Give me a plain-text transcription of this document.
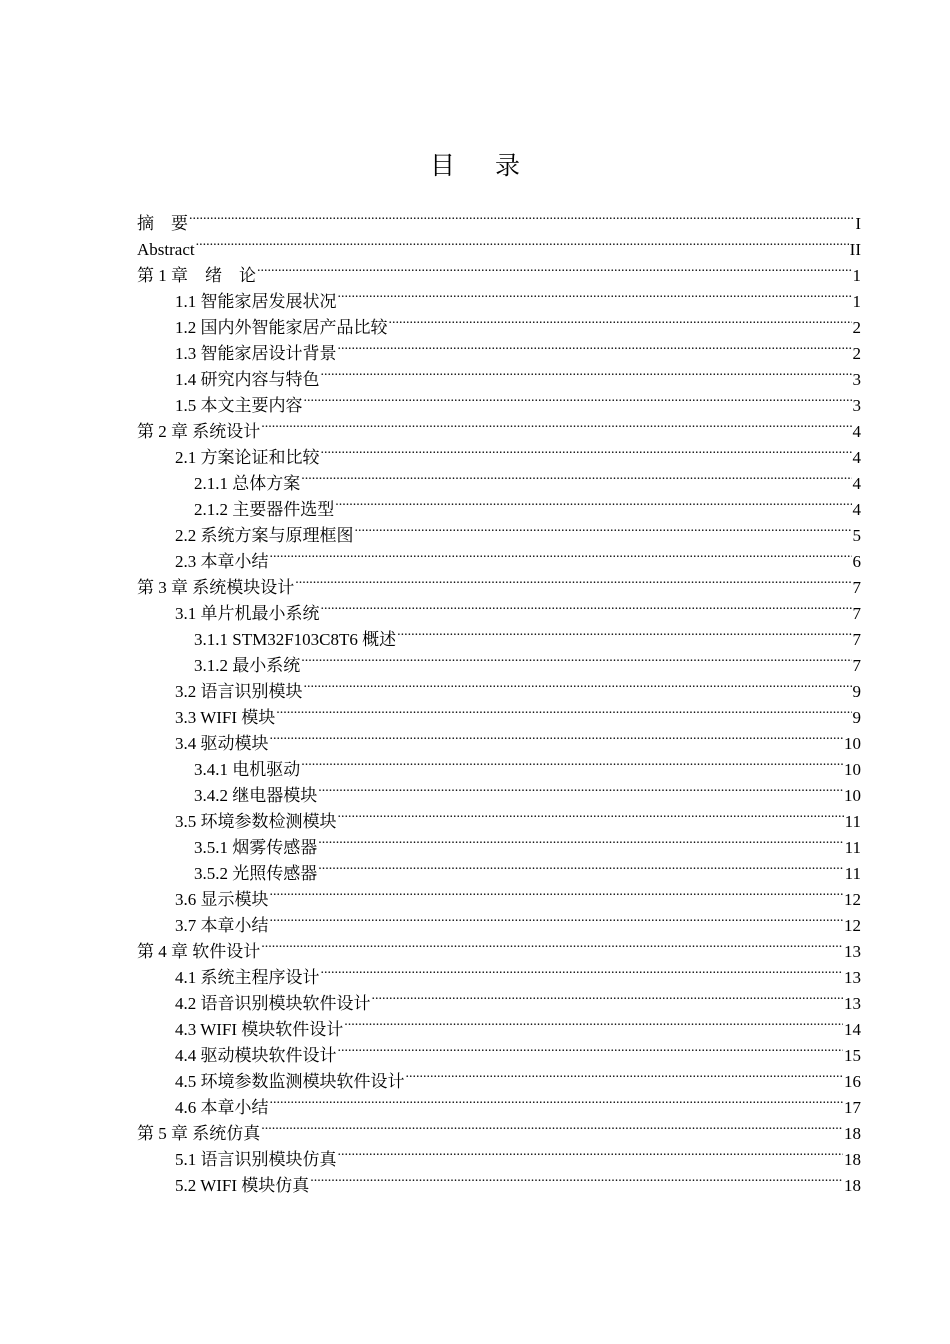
目录
摘　要 .....	I
Abstract .....	II
第 1 章　绪　论 .....	1
1.1 智能家居发展状况 .....	1
1.2 国内外智能家居产品比较 .....	2
1.3 智能家居设计背景 .....	2
1.4 研究内容与特色 .....	3
1.5 本文主要内容 .....	3
第 2 章 系统设计 .....	4
2.1 方案论证和比较 .....	4
2.1.1 总体方案 .....	4
2.1.2 主要器件选型 .....	4
2.2 系统方案与原理框图 .....	5
2.3 本章小结 .....	6
第 3 章 系统模块设计 .....	7
3.1 单片机最小系统 .....	7
3.1.1 STM32F103C8T6 概述 .....	7
3.1.2 最小系统 .....	7
3.2 语言识别模块 .....	9
3.3 WIFI 模块 .....	9
3.4 驱动模块 .....	10
3.4.1 电机驱动 .....	10
3.4.2 继电器模块 .....	10
3.5 环境参数检测模块 .....	11
3.5.1 烟雾传感器 .....	11
3.5.2 光照传感器 .....	11
3.6 显示模块 .....	12
3.7 本章小结 .....	12
第 4 章 软件设计 .....	13
4.1 系统主程序设计 .....	13
4.2 语音识别模块软件设计 .....	13
4.3 WIFI 模块软件设计 .....	14
4.4 驱动模块软件设计 .....	15
4.5 环境参数监测模块软件设计 .....	16
4.6 本章小结 .....	17
第 5 章 系统仿真 .....	18
5.1 语言识别模块仿真 .....	18
5.2 WIFI 模块仿真 .....	18
